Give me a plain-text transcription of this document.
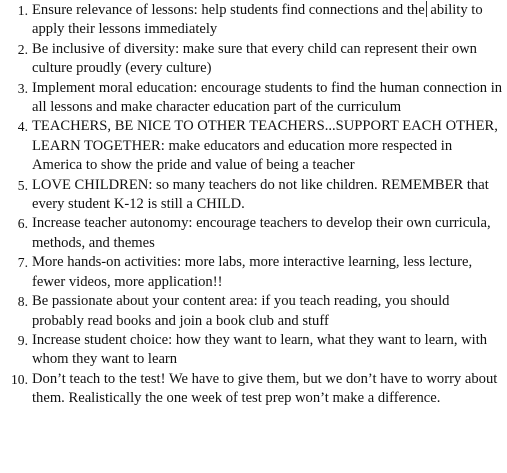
1. Ensure relevance of lessons: help students find connections and the ability to apply their lessons immediately
2. Be inclusive of diversity: make sure that every child can represent their own culture proudly (every culture)
3. Implement moral education: encourage students to find the human connection in all lessons and make character education part of the curriculum
4. TEACHERS, BE NICE TO OTHER TEACHERS...SUPPORT EACH OTHER, LEARN TOGETHER: make educators and education more respected in America to show the pride and value of being a teacher
5. LOVE CHILDREN: so many teachers do not like children. REMEMBER that every student K-12 is still a CHILD.
6. Increase teacher autonomy: encourage teachers to develop their own curricula, methods, and themes
7. More hands-on activities: more labs, more interactive learning, less lecture, fewer videos, more application!!
8. Be passionate about your content area: if you teach reading, you should probably read books and join a book club and stuff
9. Increase student choice: how they want to learn, what they want to learn, with whom they want to learn
10. Don’t teach to the test! We have to give them, but we don’t have to worry about them. Realistically the one week of test prep won’t make a difference.
